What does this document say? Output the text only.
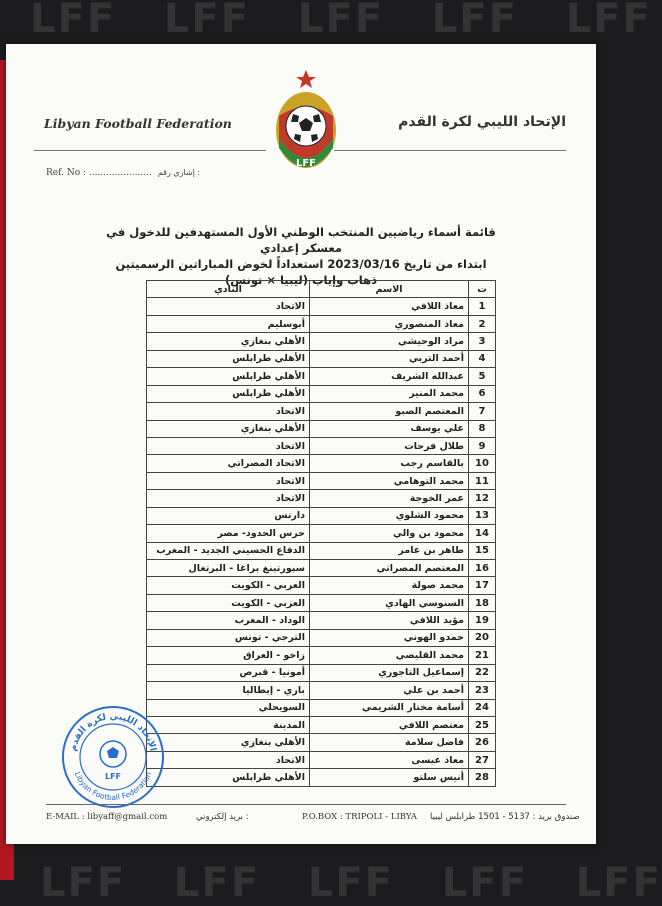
LFF LFF LFF LFF LFF
LFF LFF LFF LFF LFF
Libyan Football Federation	الإتحاد الليبي لكرة القدم
LFF
Ref. No : ...................... إشاري رقم :
قائمة أسماء رياضيين المنتخب الوطني الأول المستهدفين للدخول في معسكر إعدادي
ابتداء من تاريخ 2023/03/16 استعداداً لخوض المباراتين الرسميتين
ذهاب وإياب (ليبيا × تونس)
ت	الاسم	النادي
1	معاذ اللافي	الاتحاد
2	معاذ المنصوري	أبوسليم
3	مراد الوحيشي	الأهلي بنغازي
4	أحمد التربي	الأهلي طرابلس
5	عبدالله الشريف	الأهلي طرابلس
6	محمد المنير	الأهلي طرابلس
7	المعتصم الصبو	الاتحاد
8	علي يوسف	الأهلي بنغازي
9	طلال فرحات	الاتحاد
10	بالقاسم رجب	الاتحاد المصراتي
11	محمد التوهامي	الاتحاد
12	عمر الخوجة	الاتحاد
13	محمود الشلوي	دارنس
14	محمود بن والي	حرس الحدود- مصر
15	طاهر بن عامر	الدفاع الحسيني الجديد - المغرب
16	المعتصم المصراتي	سبورتينغ براغا - البرتغال
17	محمد صولة	العربي - الكويت
18	السنوسي الهادي	العربي - الكويت
19	مؤيد اللافي	الوداد - المغرب
20	حمدو الهوني	الترجي - تونس
21	محمد القليصي	زاخو - العراق
22	إسماعيل التاجوري	أمونيا - قبرص
23	أحمد بن علي	باري - إيطاليا
24	أسامة مختار الشريمي	السويحلي
25	معتصم اللافي	المدينة
26	فاضل سلامة	الأهلي بنغازي
27	معاذ عيسى	الاتحاد
28	أنيس سلتو	الأهلي طرابلس
الإتحاد الليبي لكرة القدم
Libyan Football Federation
LFF
E-MAIL : libyaff@gmail.com	بريد إلكتروني :	P.O.BOX : TRIPOLI - LIBYA صندوق بريد : 5137 - 1501 طرابلس ليبيا
